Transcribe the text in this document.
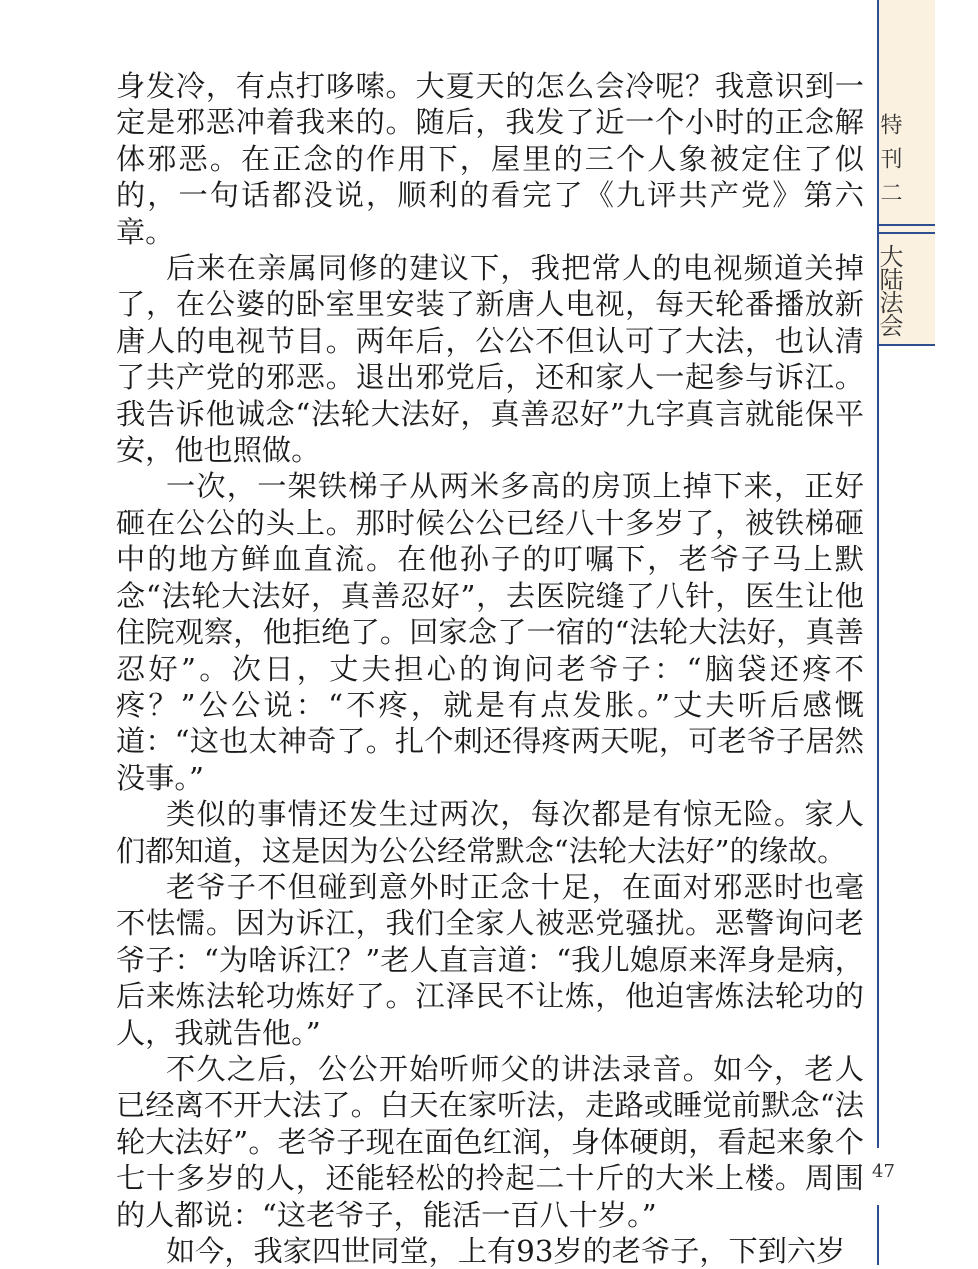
特刊二
大陆法会

身发冷，有点打哆嗦。大夏天的怎么会冷呢？我意识到一定是邪恶冲着我来的。随后，我发了近一个小时的正念解体邪恶。在正念的作用下，屋里的三个人象被定住了似的，一句话都没说，顺利的看完了《九评共产党》第六章。

后来在亲属同修的建议下，我把常人的电视频道关掉了，在公婆的卧室里安装了新唐人电视，每天轮番播放新唐人的电视节目。两年后，公公不但认可了大法，也认清了共产党的邪恶。退出邪党后，还和家人一起参与诉江。我告诉他诚念“法轮大法好，真善忍好”九字真言就能保平安，他也照做。

一次，一架铁梯子从两米多高的房顶上掉下来，正好砸在公公的头上。那时候公公已经八十多岁了，被铁梯砸中的地方鲜血直流。在他孙子的叮嘱下，老爷子马上默念“法轮大法好，真善忍好”，去医院缝了八针，医生让他住院观察，他拒绝了。回家念了一宿的“法轮大法好，真善忍好”。次日，丈夫担心的询问老爷子：“脑袋还疼不疼？”公公说：“不疼，就是有点发胀。”丈夫听后感慨道：“这也太神奇了。扎个刺还得疼两天呢，可老爷子居然没事。”

类似的事情还发生过两次，每次都是有惊无险。家人们都知道，这是因为公公经常默念“法轮大法好”的缘故。

老爷子不但碰到意外时正念十足，在面对邪恶时也毫不怯懦。因为诉江，我们全家人被恶党骚扰。恶警询问老爷子：“为啥诉江？”老人直言道：“我儿媳原来浑身是病，后来炼法轮功炼好了。江泽民不让炼，他迫害炼法轮功的人，我就告他。”

不久之后，公公开始听师父的讲法录音。如今，老人已经离不开大法了。白天在家听法，走路或睡觉前默念“法轮大法好”。老爷子现在面色红润，身体硬朗，看起来象个七十多岁的人，还能轻松的拎起二十斤的大米上楼。周围的人都说：“这老爷子，能活一百八十岁。”

如今，我家四世同堂，上有93岁的老爷子，下到六岁

47
